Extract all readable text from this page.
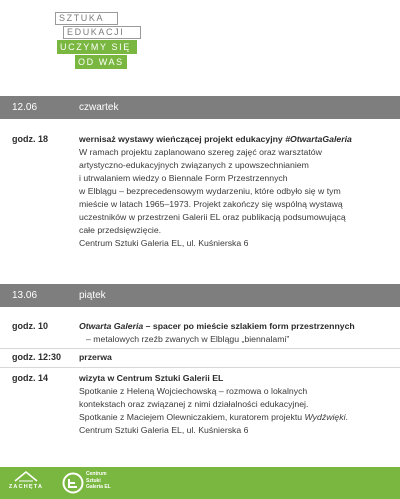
SZTUKA
EDUKACJI
UCZYMY SIĘ
OD WAS
12.06	czwartek
godz. 18	wernisaż wystawy wieńczącej projekt edukacyjny #OtwartaGaleria
W ramach projektu zaplanowano szereg zajęć oraz warsztatów
artystyczno-edukacyjnych związanych z upowszechnianiem
i utrwalaniem wiedzy o Biennale Form Przestrzennych
w Elblągu – bezprecedensowym wydarzeniu, które odbyło się w tym
mieście w latach 1965–1973. Projekt zakończy się wspólną wystawą
uczestników w przestrzeni Galerii EL oraz publikacją podsumowującą
całe przedsięwzięcie.
Centrum Sztuki Galeria EL, ul. Kuśnierska 6
13.06	piątek
godz. 10	Otwarta Galeria – spacer po mieście szlakiem form przestrzennych
– metalowych rzeźb zwanych w Elblągu „biennalami”
godz. 12:30 przerwa
godz. 14	wizyta w Centrum Sztuki Galerii EL
Spotkanie z Heleną Wojciechowską – rozmowa o lokalnych
kontekstach oraz związanej z nimi działalności edukacyjnej.
Spotkanie z Maciejem Olewniczakiem, kuratorem projektu Wydźwięki.
Centrum Sztuki Galeria EL, ul. Kuśnierska 6
ZACHĘTA
Centrum
Sztuki
Galeria EL
